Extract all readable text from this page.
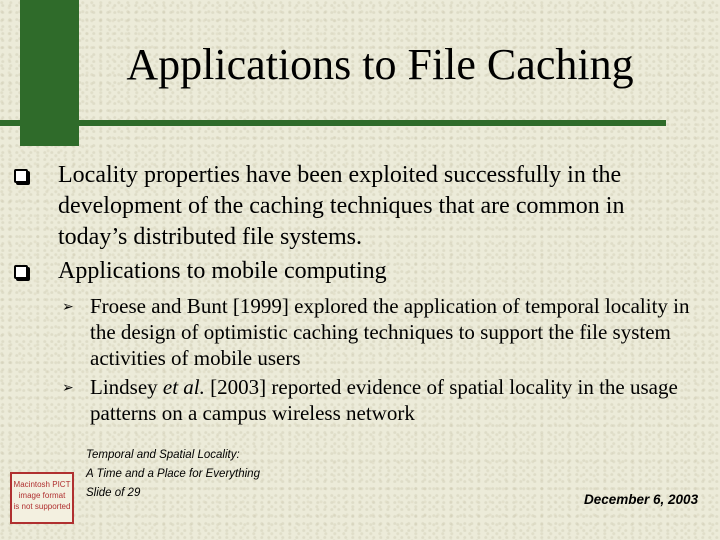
Applications to File Caching
Locality properties have been exploited successfully in the development of the caching techniques that are common in today’s distributed file systems.
Applications to mobile computing
➢ Froese and Bunt [1999] explored the application of temporal locality in the design of optimistic caching techniques to support the file system activities of mobile users
➢ Lindsey et al. [2003] reported evidence of spatial locality in the usage patterns on a campus wireless network
Macintosh PICT
image format
is not supported
Temporal and Spatial Locality:
A Time and a Place for Everything
Slide of 29	December 6, 2003
